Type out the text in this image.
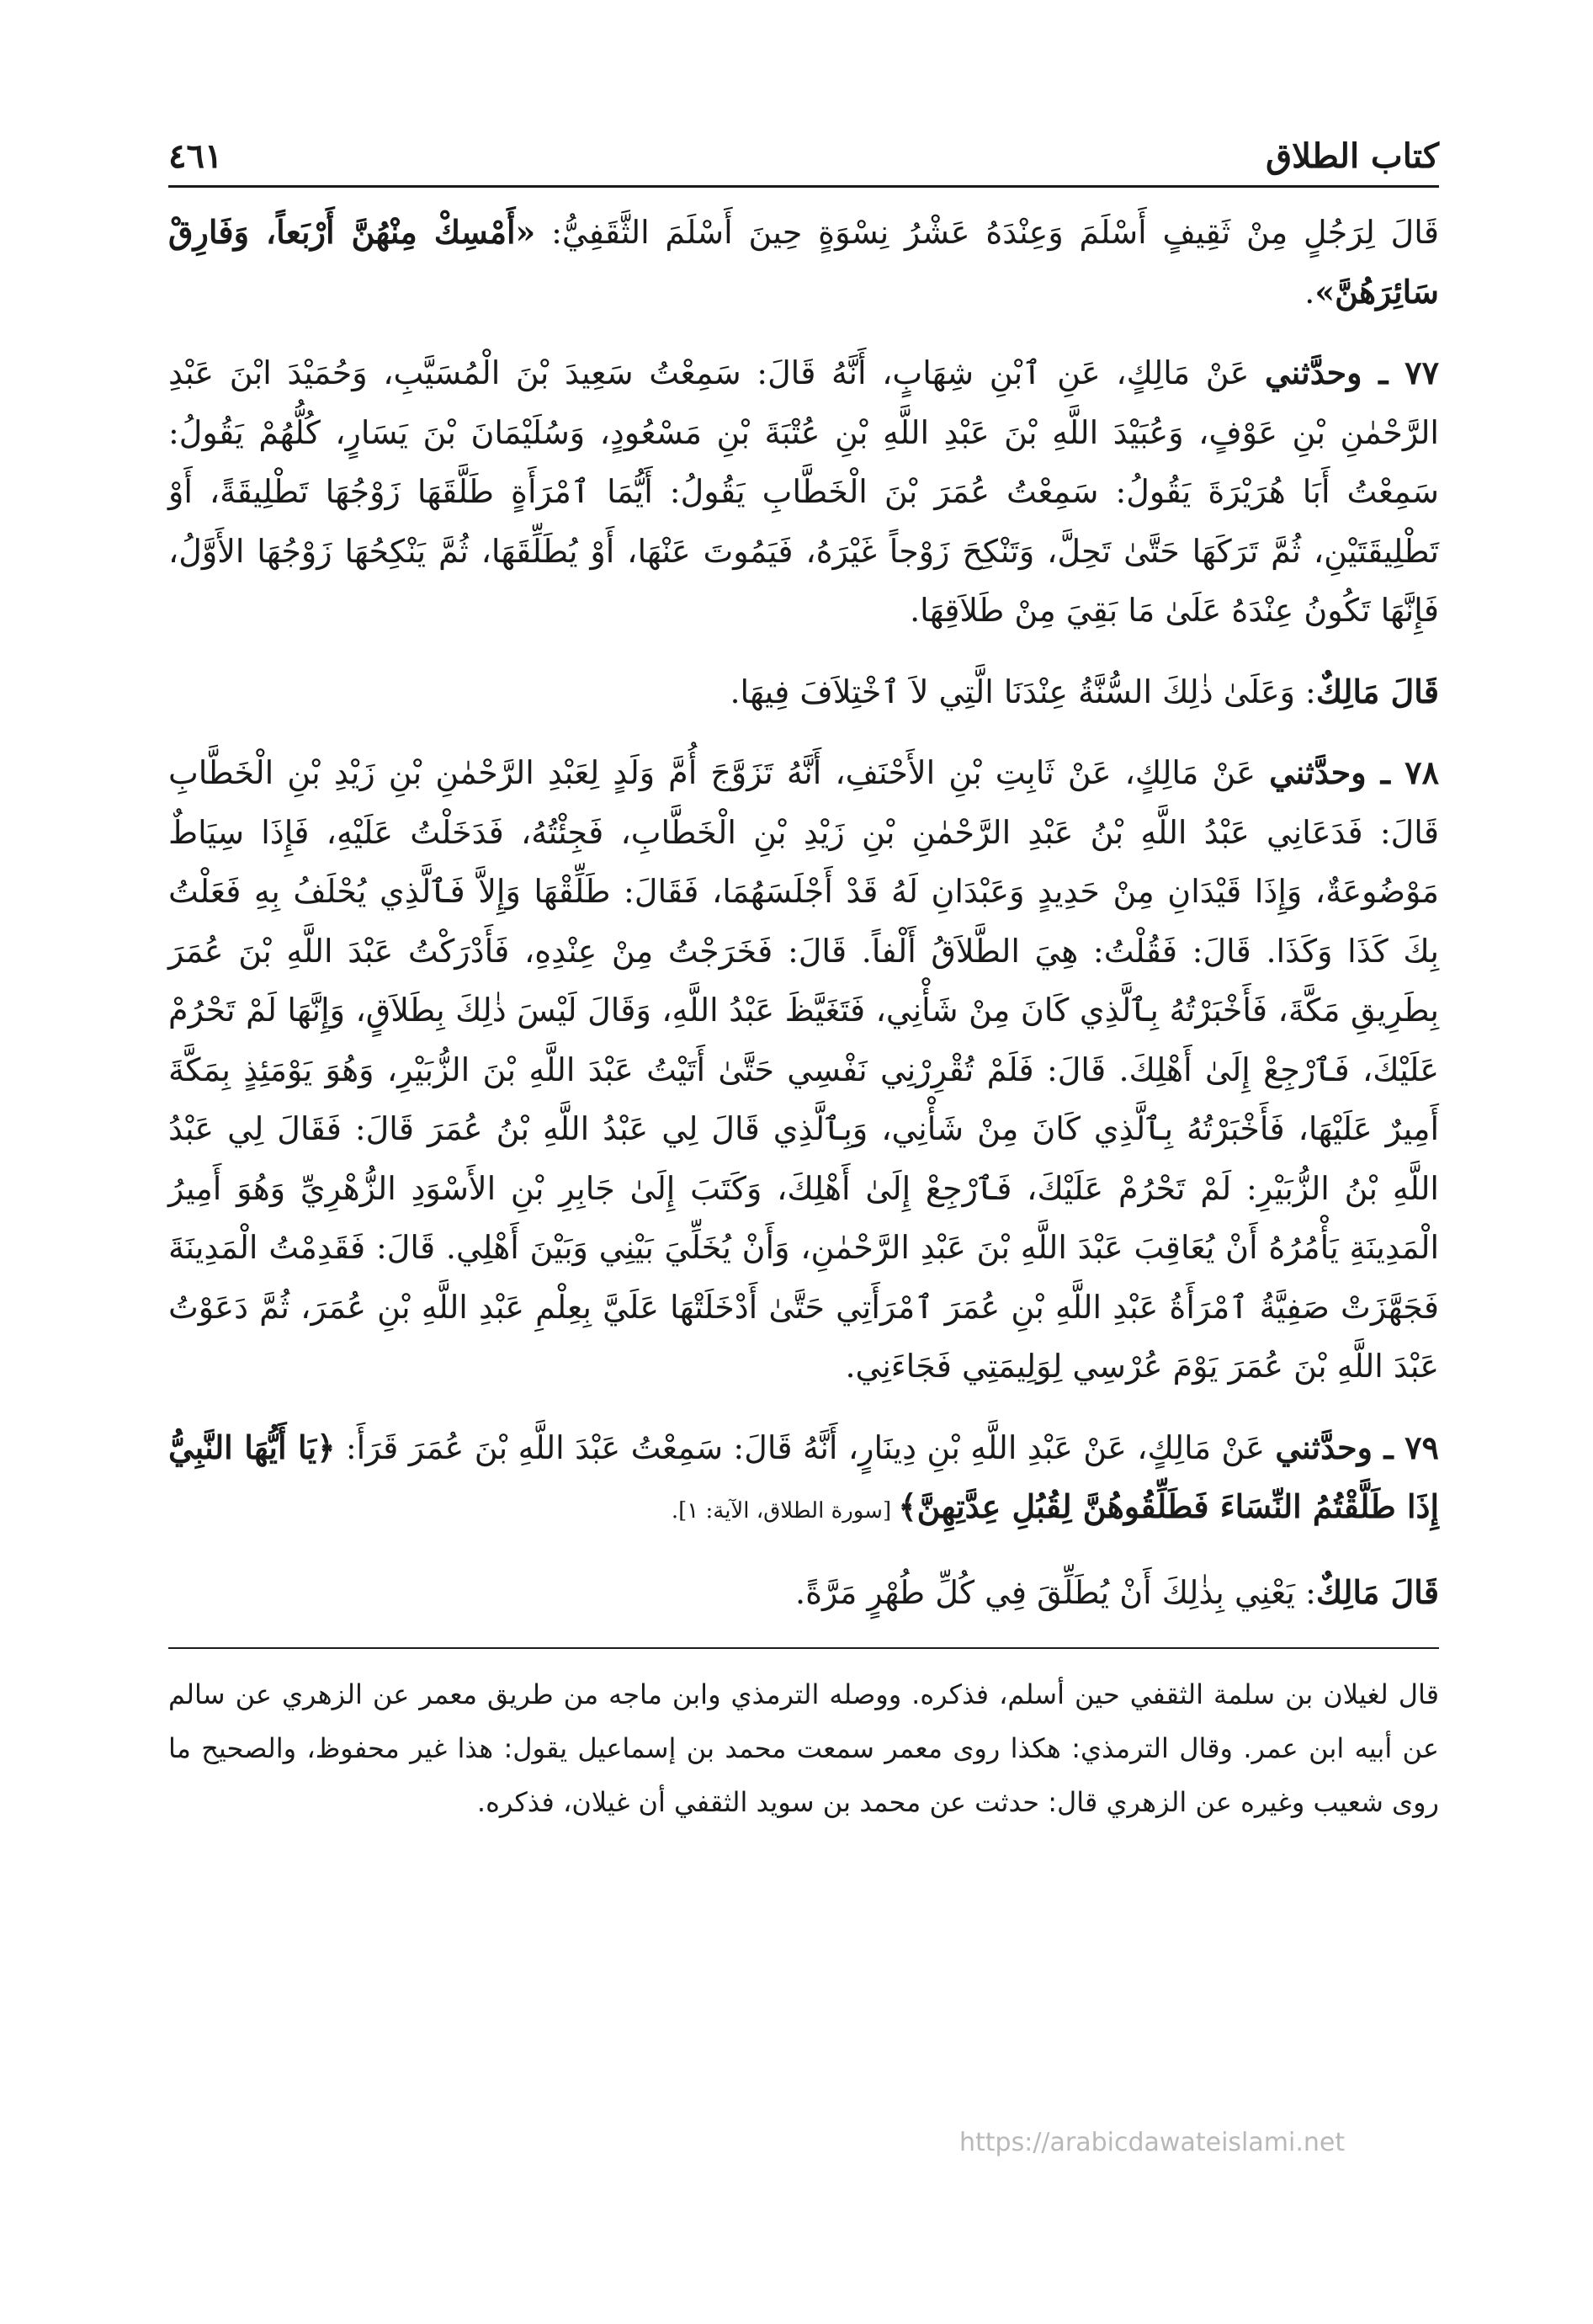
كتاب الطلاق
٤٦١

قَالَ لِرَجُلٍ مِنْ ثَقِيفٍ أَسْلَمَ وَعِنْدَهُ عَشْرُ نِسْوَةٍ حِينَ أَسْلَمَ الثَّقَفِيُّ: «أَمْسِكْ مِنْهُنَّ أَرْبَعاً، وَفَارِقْ سَائِرَهُنَّ».

٧٧ ـ وحدَّثني عَنْ مَالِكٍ، عَنِ ٱبْنِ شِهَابٍ، أَنَّهُ قَالَ: سَمِعْتُ سَعِيدَ بْنَ الْمُسَيَّبِ، وَحُمَيْدَ ابْنَ عَبْدِ الرَّحْمٰنِ بْنِ عَوْفٍ، وَعُبَيْدَ اللَّهِ بْنَ عَبْدِ اللَّهِ بْنِ عُتْبَةَ بْنِ مَسْعُودٍ، وَسُلَيْمَانَ بْنَ يَسَارٍ، كُلُّهُمْ يَقُولُ: سَمِعْتُ أَبَا هُرَيْرَةَ يَقُولُ: سَمِعْتُ عُمَرَ بْنَ الْخَطَّابِ يَقُولُ: أَيُّمَا ٱمْرَأَةٍ طَلَّقَهَا زَوْجُهَا تَطْلِيقَةً، أَوْ تَطْلِيقَتَيْنِ، ثُمَّ تَرَكَهَا حَتَّىٰ تَحِلَّ، وَتَنْكِحَ زَوْجاً غَيْرَهُ، فَيَمُوتَ عَنْهَا، أَوْ يُطَلِّقَهَا، ثُمَّ يَنْكِحُهَا زَوْجُهَا الأَوَّلُ، فَإِنَّهَا تَكُونُ عِنْدَهُ عَلَىٰ مَا بَقِيَ مِنْ طَلاَقِهَا.

قَالَ مَالِكٌ: وَعَلَىٰ ذٰلِكَ السُّنَّةُ عِنْدَنَا الَّتِي لاَ ٱخْتِلاَفَ فِيهَا.

٧٨ ـ وحدَّثني عَنْ مَالِكٍ، عَنْ ثَابِتِ بْنِ الأَحْنَفِ، أَنَّهُ تَزَوَّجَ أُمَّ وَلَدٍ لِعَبْدِ الرَّحْمٰنِ بْنِ زَيْدِ بْنِ الْخَطَّابِ قَالَ: فَدَعَانِي عَبْدُ اللَّهِ بْنُ عَبْدِ الرَّحْمٰنِ بْنِ زَيْدِ بْنِ الْخَطَّابِ، فَجِئْتُهُ، فَدَخَلْتُ عَلَيْهِ، فَإِذَا سِيَاطٌ مَوْضُوعَةٌ، وَإِذَا قَيْدَانِ مِنْ حَدِيدٍ وَعَبْدَانِ لَهُ قَدْ أَجْلَسَهُمَا، فَقَالَ: طَلِّقْهَا وَإِلاَّ فَٱلَّذِي يُحْلَفُ بِهِ فَعَلْتُ بِكَ كَذَا وَكَذَا. قَالَ: فَقُلْتُ: هِيَ الطَّلاَقُ أَلْفاً. قَالَ: فَخَرَجْتُ مِنْ عِنْدِهِ، فَأَدْرَكْتُ عَبْدَ اللَّهِ بْنَ عُمَرَ بِطَرِيقِ مَكَّةَ، فَأَخْبَرْتُهُ بِٱلَّذِي كَانَ مِنْ شَأْنِي، فَتَغَيَّظَ عَبْدُ اللَّهِ، وَقَالَ لَيْسَ ذٰلِكَ بِطَلاَقٍ، وَإِنَّهَا لَمْ تَحْرُمْ عَلَيْكَ، فَٱرْجِعْ إِلَىٰ أَهْلِكَ. قَالَ: فَلَمْ تُقْرِرْنِي نَفْسِي حَتَّىٰ أَتَيْتُ عَبْدَ اللَّهِ بْنَ الزُّبَيْرِ، وَهُوَ يَوْمَئِذٍ بِمَكَّةَ أَمِيرٌ عَلَيْهَا، فَأَخْبَرْتُهُ بِٱلَّذِي كَانَ مِنْ شَأْنِي، وَبِٱلَّذِي قَالَ لِي عَبْدُ اللَّهِ بْنُ عُمَرَ قَالَ: فَقَالَ لِي عَبْدُ اللَّهِ بْنُ الزُّبَيْرِ: لَمْ تَحْرُمْ عَلَيْكَ، فَٱرْجِعْ إِلَىٰ أَهْلِكَ، وَكَتَبَ إِلَىٰ جَابِرِ بْنِ الأَسْوَدِ الزُّهْرِيِّ وَهُوَ أَمِيرُ الْمَدِينَةِ يَأْمُرُهُ أَنْ يُعَاقِبَ عَبْدَ اللَّهِ بْنَ عَبْدِ الرَّحْمٰنِ، وَأَنْ يُخَلِّيَ بَيْنِي وَبَيْنَ أَهْلِي. قَالَ: فَقَدِمْتُ الْمَدِينَةَ فَجَهَّزَتْ صَفِيَّةُ ٱمْرَأَةُ عَبْدِ اللَّهِ بْنِ عُمَرَ ٱمْرَأَتِي حَتَّىٰ أَدْخَلَتْهَا عَلَيَّ بِعِلْمِ عَبْدِ اللَّهِ بْنِ عُمَرَ، ثُمَّ دَعَوْتُ عَبْدَ اللَّهِ بْنَ عُمَرَ يَوْمَ عُرْسِي لِوَلِيمَتِي فَجَاءَنِي.

٧٩ ـ وحدَّثني عَنْ مَالِكٍ، عَنْ عَبْدِ اللَّهِ بْنِ دِينَارٍ، أَنَّهُ قَالَ: سَمِعْتُ عَبْدَ اللَّهِ بْنَ عُمَرَ قَرَأَ: ﴿يَا أَيُّهَا النَّبِيُّ إِذَا طَلَّقْتُمُ النِّسَاءَ فَطَلِّقُوهُنَّ لِقُبُلِ عِدَّتِهِنَّ﴾ [سورة الطلاق، الآية: ١].

قَالَ مَالِكٌ: يَعْنِي بِذٰلِكَ أَنْ يُطَلِّقَ فِي كُلِّ طُهْرٍ مَرَّةً.

قال لغيلان بن سلمة الثقفي حين أسلم، فذكره. ووصله الترمذي وابن ماجه من طريق معمر عن الزهري عن سالم عن أبيه ابن عمر. وقال الترمذي: هكذا روى معمر سمعت محمد بن إسماعيل يقول: هذا غير محفوظ، والصحيح ما روى شعيب وغيره عن الزهري قال: حدثت عن محمد بن سويد الثقفي أن غيلان، فذكره.
https://arabicdawateislami.net
